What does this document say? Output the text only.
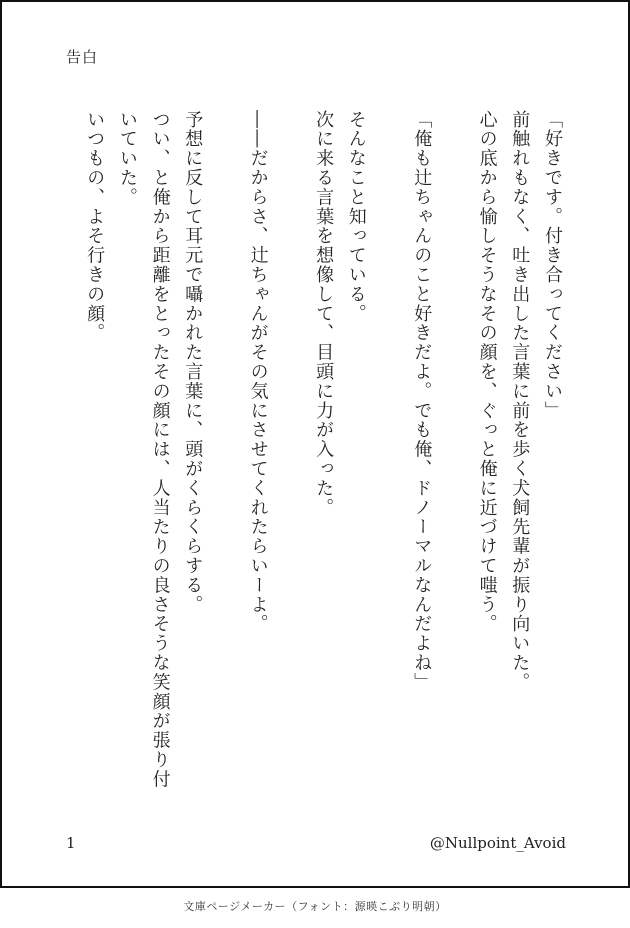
告白

「好きです。付き合ってください」

前触れもなく、吐き出した言葉に前を歩く犬飼先輩が振り向いた。

心の底から愉しそうなその顔を、ぐっと俺に近づけて嗤う。

「俺も辻ちゃんのこと好きだよ。でも俺、ドノーマルなんだよね」

そんなこと知っている。

次に来る言葉を想像して、目頭に力が入った。

――だからさ、辻ちゃんがその気にさせてくれたらいーよ。

予想に反して耳元で囁かれた言葉に、頭がくらくらする。

つい、と俺から距離をとったその顔には、人当たりの良さそうな笑顔が張り付いていた。

いつもの、よそ行きの顔。

1	@Nullpoint_Avoid
文庫ページメーカー（フォント：源暎こぶり明朝）
